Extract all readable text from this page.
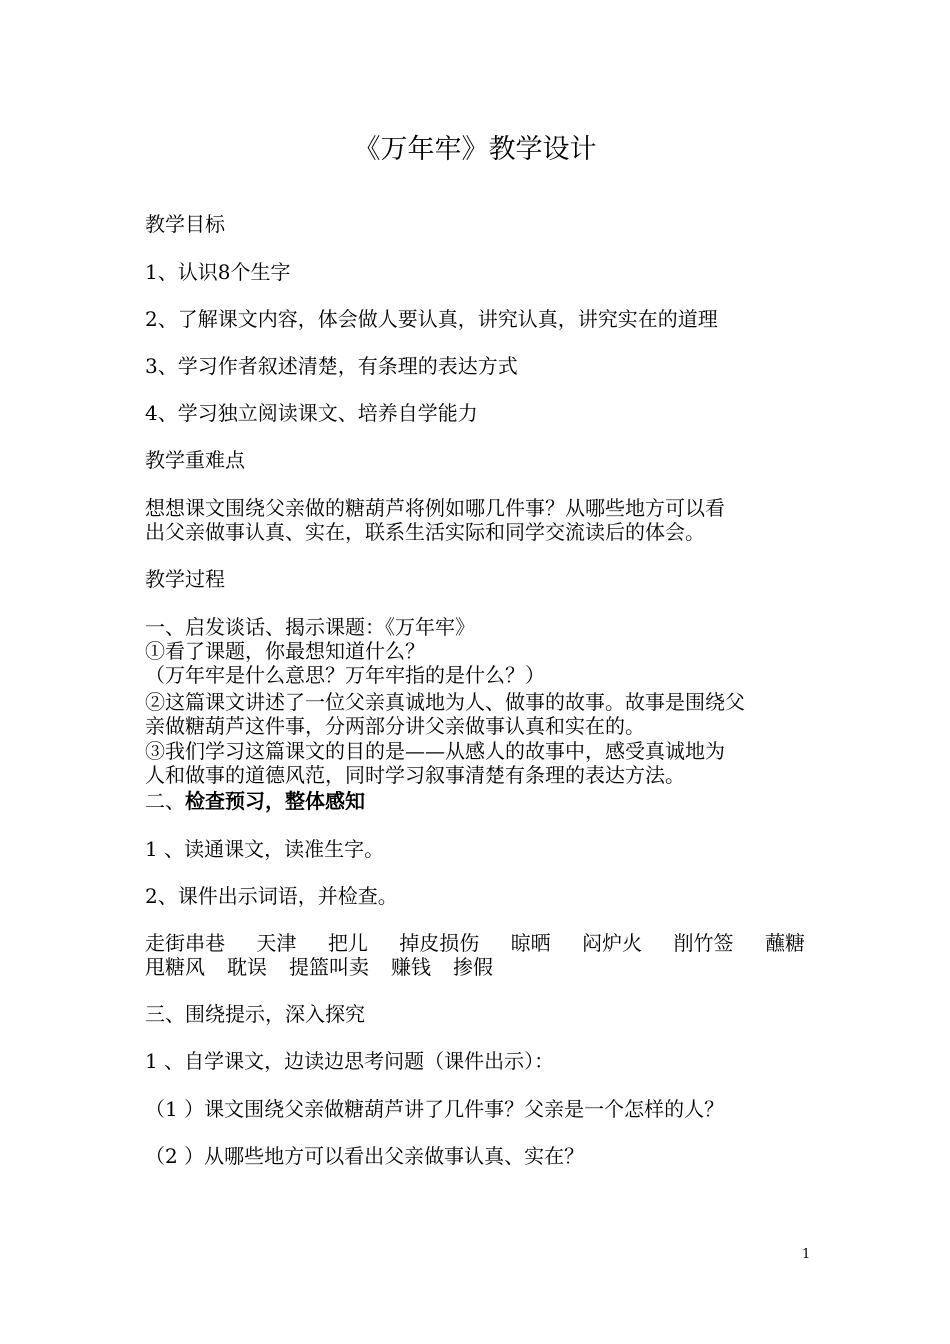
《万年牢》教学设计
教学目标
1、认识8个生字
2、了解课文内容，体会做人要认真，讲究认真，讲究实在的道理
3、学习作者叙述清楚，有条理的表达方式
4、学习独立阅读课文、培养自学能力
教学重难点
想想课文围绕父亲做的糖葫芦将例如哪几件事？从哪些地方可以看
出父亲做事认真、实在，联系生活实际和同学交流读后的体会。
教学过程
一、启发谈话、揭示课题：《万年牢》
①看了课题，你最想知道什么？
（万年牢是什么意思？万年牢指的是什么？）
②这篇课文讲述了一位父亲真诚地为人、做事的故事。故事是围绕父
亲做糖葫芦这件事，分两部分讲父亲做事认真和实在的。
③我们学习这篇课文的目的是——从感人的故事中，感受真诚地为
人和做事的道德风范，同时学习叙事清楚有条理的表达方法。
二、检查预习，整体感知
1 、读通课文，读准生字。
2、课件出示词语，并检查。
走街串巷 天津 把儿 掉皮损伤 晾晒 闷炉火 削竹签 蘸糖
甩糖风 耽误 提篮叫卖 赚钱 掺假
三、围绕提示，深入探究
1 、自学课文，边读边思考问题（课件出示）：
（1 ）课文围绕父亲做糖葫芦讲了几件事？父亲是一个怎样的人？
（2 ）从哪些地方可以看出父亲做事认真、实在？
1
